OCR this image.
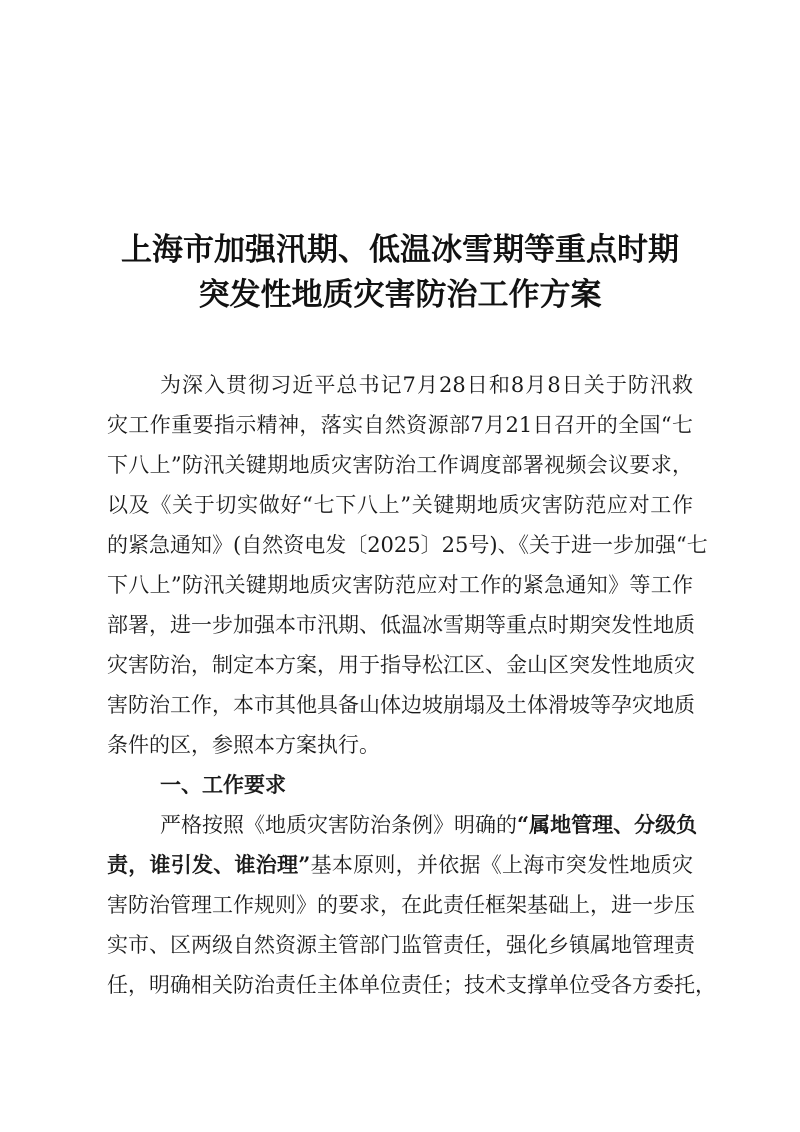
上海市加强汛期、低温冰雪期等重点时期
突发性地质灾害防治工作方案
为深入贯彻习近平总书记7月28日和8月8日关于防汛救
灾工作重要指示精神，落实自然资源部7月21日召开的全国“七
下八上”防汛关键期地质灾害防治工作调度部署视频会议要求，
以及《关于切实做好“七下八上”关键期地质灾害防范应对工作
的紧急通知》(自然资电发〔2025〕25号)、《关于进一步加强“七
下八上”防汛关键期地质灾害防范应对工作的紧急通知》等工作
部署，进一步加强本市汛期、低温冰雪期等重点时期突发性地质
灾害防治，制定本方案，用于指导松江区、金山区突发性地质灾
害防治工作，本市其他具备山体边坡崩塌及土体滑坡等孕灾地质
条件的区，参照本方案执行。
一、工作要求
严格按照《地质灾害防治条例》明确的“属地管理、分级负
责，谁引发、谁治理”基本原则，并依据《上海市突发性地质灾
害防治管理工作规则》的要求，在此责任框架基础上，进一步压
实市、区两级自然资源主管部门监管责任，强化乡镇属地管理责
任，明确相关防治责任主体单位责任；技术支撑单位受各方委托，
